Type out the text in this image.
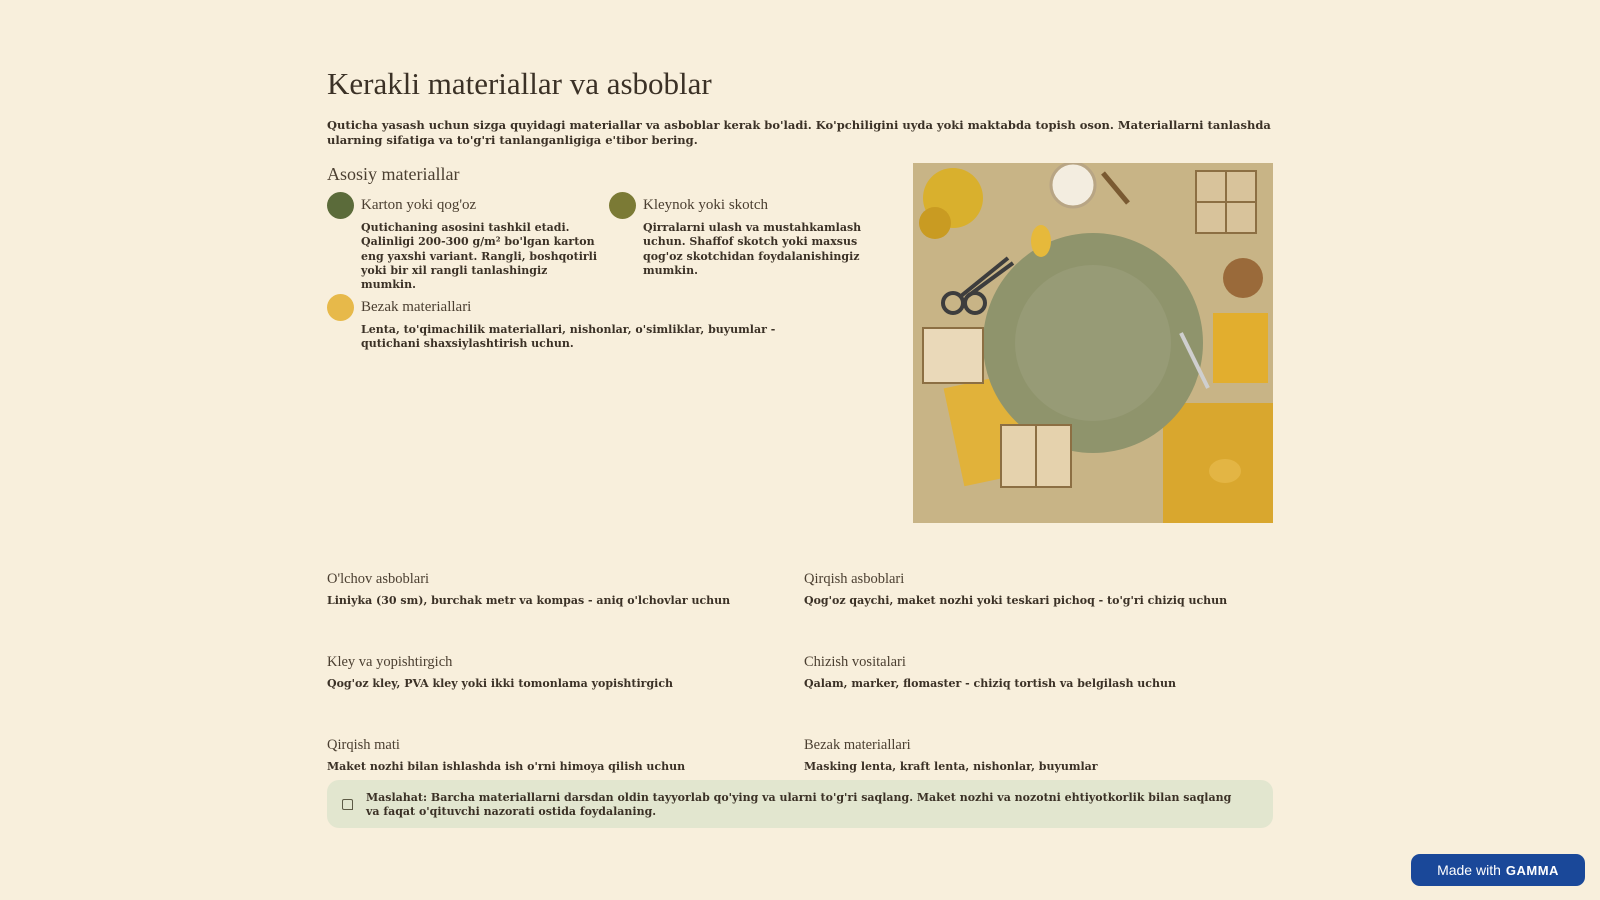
Kerakli materiallar va asboblar

Quticha yasash uchun sizga quyidagi materiallar va asboblar kerak bo'ladi. Ko'pchiligini uyda yoki maktabda topish oson. Materiallarni tanlashda ularning sifatiga va to'g'ri tanlanganligiga e'tibor bering.

Asosiy materiallar
Karton yoki qog'oz
Qutichaning asosini tashkil etadi. Qalinligi 200-300 g/m² bo'lgan karton eng yaxshi variant. Rangli, boshqotirli yoki bir xil rangli tanlashingiz mumkin.
Kleynok yoki skotch
Qirralarni ulash va mustahkamlash uchun. Shaffof skotch yoki maxsus qog'oz skotchidan foydalanishingiz mumkin.
Bezak materiallari
Lenta, to'qimachilik materiallari, nishonlar, o'simliklar, buyumlar - qutichani shaxsiylashtirish uchun.
O'lchov asboblari
Liniyka (30 sm), burchak metr va kompas - aniq o'lchovlar uchun
Qirqish asboblari
Qog'oz qaychi, maket nozhi yoki teskari pichoq - to'g'ri chiziq uchun
Kley va yopishtirgich
Qog'oz kley, PVA kley yoki ikki tomonlama yopishtirgich
Chizish vositalari
Qalam, marker, flomaster - chiziq tortish va belgilash uchun
Qirqish mati
Maket nozhi bilan ishlashda ish o'rni himoya qilish uchun
Bezak materiallari
Masking lenta, kraft lenta, nishonlar, buyumlar
Maslahat: Barcha materiallarni darsdan oldin tayyorlab qo'ying va ularni to'g'ri saqlang. Maket nozhi va nozotni ehtiyotkorlik bilan saqlang va faqat o'qituvchi nazorati ostida foydalaning.
Made with GAMMA
